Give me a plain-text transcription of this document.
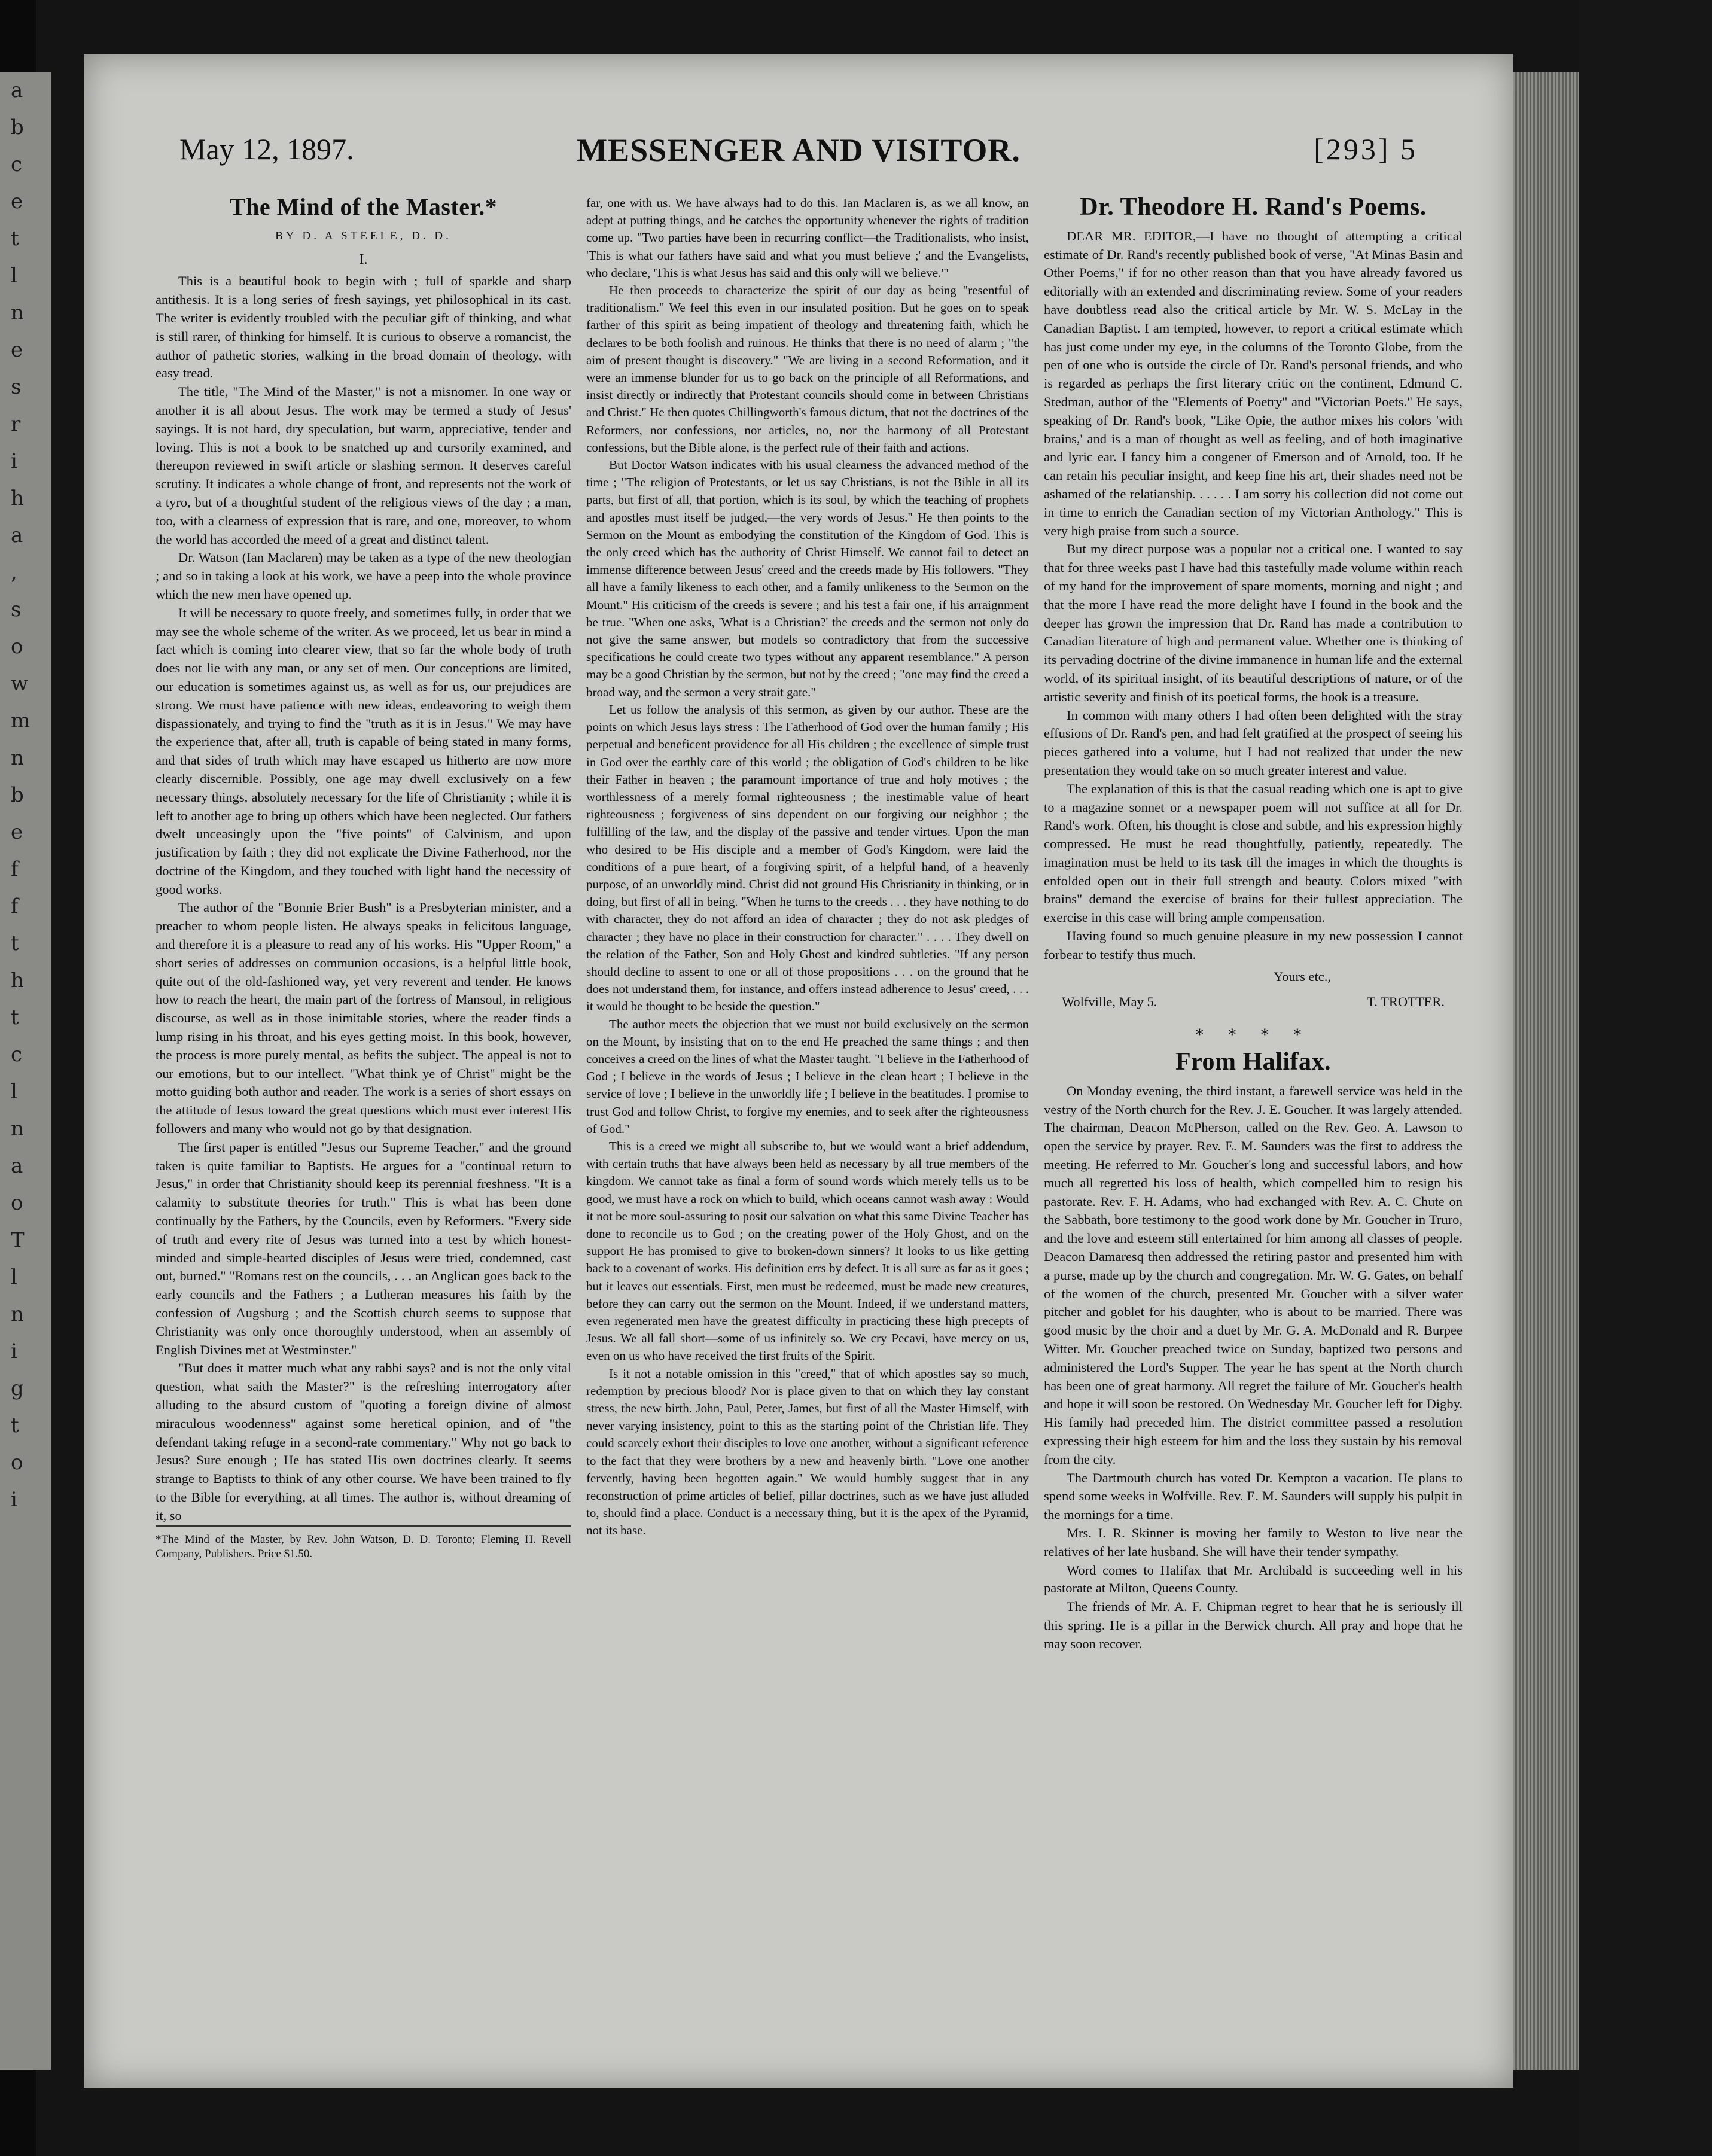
a
b
c
e
t
l
n
e
s
r
i
h
a
,
s
o
w
m
n
b
e
f
f
t
h
t
c
l
n
a
o
T
l
n
i
g
t
o
i
May 12, 1897.	MESSENGER AND VISITOR.	[293] 5
The Mind of the Master.*
BY D. A STEELE, D. D.
I.

This is a beautiful book to begin with ; full of sparkle and sharp antithesis. It is a long series of fresh sayings, yet philosophical in its cast. The writer is evidently troubled with the peculiar gift of thinking, and what is still rarer, of thinking for himself. It is curious to observe a romancist, the author of pathetic stories, walking in the broad domain of theology, with easy tread.

The title, "The Mind of the Master," is not a misnomer. In one way or another it is all about Jesus. The work may be termed a study of Jesus' sayings. It is not hard, dry speculation, but warm, appreciative, tender and loving. This is not a book to be snatched up and cursorily examined, and thereupon reviewed in swift article or slashing sermon. It deserves careful scrutiny. It indicates a whole change of front, and represents not the work of a tyro, but of a thoughtful student of the religious views of the day ; a man, too, with a clearness of expression that is rare, and one, moreover, to whom the world has accorded the meed of a great and distinct talent.

Dr. Watson (Ian Maclaren) may be taken as a type of the new theologian ; and so in taking a look at his work, we have a peep into the whole province which the new men have opened up.

It will be necessary to quote freely, and sometimes fully, in order that we may see the whole scheme of the writer. As we proceed, let us bear in mind a fact which is coming into clearer view, that so far the whole body of truth does not lie with any man, or any set of men. Our conceptions are limited, our education is sometimes against us, as well as for us, our prejudices are strong. We must have patience with new ideas, endeavoring to weigh them dispassionately, and trying to find the "truth as it is in Jesus." We may have the experience that, after all, truth is capable of being stated in many forms, and that sides of truth which may have escaped us hitherto are now more clearly discernible. Possibly, one age may dwell exclusively on a few necessary things, absolutely necessary for the life of Christianity ; while it is left to another age to bring up others which have been neglected. Our fathers dwelt unceasingly upon the "five points" of Calvinism, and upon justification by faith ; they did not explicate the Divine Fatherhood, nor the doctrine of the Kingdom, and they touched with light hand the necessity of good works.

The author of the "Bonnie Brier Bush" is a Presbyterian minister, and a preacher to whom people listen. He always speaks in felicitous language, and therefore it is a pleasure to read any of his works. His "Upper Room," a short series of addresses on communion occasions, is a helpful little book, quite out of the old-fashioned way, yet very reverent and tender. He knows how to reach the heart, the main part of the fortress of Mansoul, in religious discourse, as well as in those inimitable stories, where the reader finds a lump rising in his throat, and his eyes getting moist. In this book, however, the process is more purely mental, as befits the subject. The appeal is not to our emotions, but to our intellect. "What think ye of Christ" might be the motto guiding both author and reader. The work is a series of short essays on the attitude of Jesus toward the great questions which must ever interest His followers and many who would not go by that designation.

The first paper is entitled "Jesus our Supreme Teacher," and the ground taken is quite familiar to Baptists. He argues for a "continual return to Jesus," in order that Christianity should keep its perennial freshness. "It is a calamity to substitute theories for truth." This is what has been done continually by the Fathers, by the Councils, even by Reformers. "Every side of truth and every rite of Jesus was turned into a test by which honest-minded and simple-hearted disciples of Jesus were tried, condemned, cast out, burned." "Romans rest on the councils, . . . an Anglican goes back to the early councils and the Fathers ; a Lutheran measures his faith by the confession of Augsburg ; and the Scottish church seems to suppose that Christianity was only once thoroughly understood, when an assembly of English Divines met at Westminster."

"But does it matter much what any rabbi says? and is not the only vital question, what saith the Master?" is the refreshing interrogatory after alluding to the absurd custom of "quoting a foreign divine of almost miraculous woodenness" against some heretical opinion, and of "the defendant taking refuge in a second-rate commentary." Why not go back to Jesus? Sure enough ; He has stated His own doctrines clearly. It seems strange to Baptists to think of any other course. We have been trained to fly to the Bible for everything, at all times. The author is, without dreaming of it, so

*The Mind of the Master, by Rev. John Watson, D. D. Toronto; Fleming H. Revell Company, Publishers. Price $1.50.

far, one with us. We have always had to do this. Ian Maclaren is, as we all know, an adept at putting things, and he catches the opportunity whenever the rights of tradition come up. "Two parties have been in recurring conflict—the Traditionalists, who insist, 'This is what our fathers have said and what you must believe ;' and the Evangelists, who declare, 'This is what Jesus has said and this only will we believe.'"

He then proceeds to characterize the spirit of our day as being "resentful of traditionalism." We feel this even in our insulated position. But he goes on to speak farther of this spirit as being impatient of theology and threatening faith, which he declares to be both foolish and ruinous. He thinks that there is no need of alarm ; "the aim of present thought is discovery." "We are living in a second Reformation, and it were an immense blunder for us to go back on the principle of all Reformations, and insist directly or indirectly that Protestant councils should come in between Christians and Christ." He then quotes Chillingworth's famous dictum, that not the doctrines of the Reformers, nor confessions, nor articles, no, nor the harmony of all Protestant confessions, but the Bible alone, is the perfect rule of their faith and actions.

But Doctor Watson indicates with his usual clearness the advanced method of the time ; "The religion of Protestants, or let us say Christians, is not the Bible in all its parts, but first of all, that portion, which is its soul, by which the teaching of prophets and apostles must itself be judged,—the very words of Jesus." He then points to the Sermon on the Mount as embodying the constitution of the Kingdom of God. This is the only creed which has the authority of Christ Himself. We cannot fail to detect an immense difference between Jesus' creed and the creeds made by His followers. "They all have a family likeness to each other, and a family unlikeness to the Sermon on the Mount." His criticism of the creeds is severe ; and his test a fair one, if his arraignment be true. "When one asks, 'What is a Christian?' the creeds and the sermon not only do not give the same answer, but models so contradictory that from the successive specifications he could create two types without any apparent resemblance." A person may be a good Christian by the sermon, but not by the creed ; "one may find the creed a broad way, and the sermon a very strait gate."

Let us follow the analysis of this sermon, as given by our author. These are the points on which Jesus lays stress : The Fatherhood of God over the human family ; His perpetual and beneficent providence for all His children ; the excellence of simple trust in God over the earthly care of this world ; the obligation of God's children to be like their Father in heaven ; the paramount importance of true and holy motives ; the worthlessness of a merely formal righteousness ; the inestimable value of heart righteousness ; forgiveness of sins dependent on our forgiving our neighbor ; the fulfilling of the law, and the display of the passive and tender virtues. Upon the man who desired to be His disciple and a member of God's Kingdom, were laid the conditions of a pure heart, of a forgiving spirit, of a helpful hand, of a heavenly purpose, of an unworldly mind. Christ did not ground His Christianity in thinking, or in doing, but first of all in being. "When he turns to the creeds . . . they have nothing to do with character, they do not afford an idea of character ; they do not ask pledges of character ; they have no place in their construction for character." . . . . They dwell on the relation of the Father, Son and Holy Ghost and kindred subtleties. "If any person should decline to assent to one or all of those propositions . . . on the ground that he does not understand them, for instance, and offers instead adherence to Jesus' creed, . . . it would be thought to be beside the question."

The author meets the objection that we must not build exclusively on the sermon on the Mount, by insisting that on to the end He preached the same things ; and then conceives a creed on the lines of what the Master taught. "I believe in the Fatherhood of God ; I believe in the words of Jesus ; I believe in the clean heart ; I believe in the service of love ; I believe in the unworldly life ; I believe in the beatitudes. I promise to trust God and follow Christ, to forgive my enemies, and to seek after the righteousness of God."

This is a creed we might all subscribe to, but we would want a brief addendum, with certain truths that have always been held as necessary by all true members of the kingdom. We cannot take as final a form of sound words which merely tells us to be good, we must have a rock on which to build, which oceans cannot wash away : Would it not be more soul-assuring to posit our salvation on what this same Divine Teacher has done to reconcile us to God ; on the creating power of the Holy Ghost, and on the support He has promised to give to broken-down sinners? It looks to us like getting back to a covenant of works. His definition errs by defect. It is all sure as far as it goes ; but it leaves out essentials. First, men must be redeemed, must be made new creatures, before they can carry out the sermon on the Mount. Indeed, if we understand matters, even regenerated men have the greatest difficulty in practicing these high precepts of Jesus. We all fall short—some of us infinitely so. We cry Pecavi, have mercy on us, even on us who have received the first fruits of the Spirit.

Is it not a notable omission in this "creed," that of which apostles say so much, redemption by precious blood? Nor is place given to that on which they lay constant stress, the new birth. John, Paul, Peter, James, but first of all the Master Himself, with never varying insistency, point to this as the starting point of the Christian life. They could scarcely exhort their disciples to love one another, without a significant reference to the fact that they were brothers by a new and heavenly birth. "Love one another fervently, having been begotten again." We would humbly suggest that in any reconstruction of prime articles of belief, pillar doctrines, such as we have just alluded to, should find a place. Conduct is a necessary thing, but it is the apex of the Pyramid, not its base.

Dr. Theodore H. Rand's Poems.

DEAR MR. EDITOR,—I have no thought of attempting a critical estimate of Dr. Rand's recently published book of verse, "At Minas Basin and Other Poems," if for no other reason than that you have already favored us editorially with an extended and discriminating review. Some of your readers have doubtless read also the critical article by Mr. W. S. McLay in the Canadian Baptist. I am tempted, however, to report a critical estimate which has just come under my eye, in the columns of the Toronto Globe, from the pen of one who is outside the circle of Dr. Rand's personal friends, and who is regarded as perhaps the first literary critic on the continent, Edmund C. Stedman, author of the "Elements of Poetry" and "Victorian Poets." He says, speaking of Dr. Rand's book, "Like Opie, the author mixes his colors 'with brains,' and is a man of thought as well as feeling, and of both imaginative and lyric ear. I fancy him a congener of Emerson and of Arnold, too. If he can retain his peculiar insight, and keep fine his art, their shades need not be ashamed of the relatianship. . . . . . I am sorry his collection did not come out in time to enrich the Canadian section of my Victorian Anthology." This is very high praise from such a source.

But my direct purpose was a popular not a critical one. I wanted to say that for three weeks past I have had this tastefully made volume within reach of my hand for the improvement of spare moments, morning and night ; and that the more I have read the more delight have I found in the book and the deeper has grown the impression that Dr. Rand has made a contribution to Canadian literature of high and permanent value. Whether one is thinking of its pervading doctrine of the divine immanence in human life and the external world, of its spiritual insight, of its beautiful descriptions of nature, or of the artistic severity and finish of its poetical forms, the book is a treasure.

In common with many others I had often been delighted with the stray effusions of Dr. Rand's pen, and had felt gratified at the prospect of seeing his pieces gathered into a volume, but I had not realized that under the new presentation they would take on so much greater interest and value.

The explanation of this is that the casual reading which one is apt to give to a magazine sonnet or a newspaper poem will not suffice at all for Dr. Rand's work. Often, his thought is close and subtle, and his expression highly compressed. He must be read thoughtfully, patiently, repeatedly. The imagination must be held to its task till the images in which the thoughts is enfolded open out in their full strength and beauty. Colors mixed "with brains" demand the exercise of brains for their fullest appreciation. The exercise in this case will bring ample compensation.

Having found so much genuine pleasure in my new possession I cannot forbear to testify thus much.

Yours etc.,
Wolfville, May 5.	T. TROTTER.
* * * *
From Halifax.

On Monday evening, the third instant, a farewell service was held in the vestry of the North church for the Rev. J. E. Goucher. It was largely attended. The chairman, Deacon McPherson, called on the Rev. Geo. A. Lawson to open the service by prayer. Rev. E. M. Saunders was the first to address the meeting. He referred to Mr. Goucher's long and successful labors, and how much all regretted his loss of health, which compelled him to resign his pastorate. Rev. F. H. Adams, who had exchanged with Rev. A. C. Chute on the Sabbath, bore testimony to the good work done by Mr. Goucher in Truro, and the love and esteem still entertained for him among all classes of people. Deacon Damaresq then addressed the retiring pastor and presented him with a purse, made up by the church and congregation. Mr. W. G. Gates, on behalf of the women of the church, presented Mr. Goucher with a silver water pitcher and goblet for his daughter, who is about to be married. There was good music by the choir and a duet by Mr. G. A. McDonald and R. Burpee Witter. Mr. Goucher preached twice on Sunday, baptized two persons and administered the Lord's Supper. The year he has spent at the North church has been one of great harmony. All regret the failure of Mr. Goucher's health and hope it will soon be restored. On Wednesday Mr. Goucher left for Digby. His family had preceded him. The district committee passed a resolution expressing their high esteem for him and the loss they sustain by his removal from the city.

The Dartmouth church has voted Dr. Kempton a vacation. He plans to spend some weeks in Wolfville. Rev. E. M. Saunders will supply his pulpit in the mornings for a time.

Mrs. I. R. Skinner is moving her family to Weston to live near the relatives of her late husband. She will have their tender sympathy.

Word comes to Halifax that Mr. Archibald is succeeding well in his pastorate at Milton, Queens County.

The friends of Mr. A. F. Chipman regret to hear that he is seriously ill this spring. He is a pillar in the Berwick church. All pray and hope that he may soon recover.
